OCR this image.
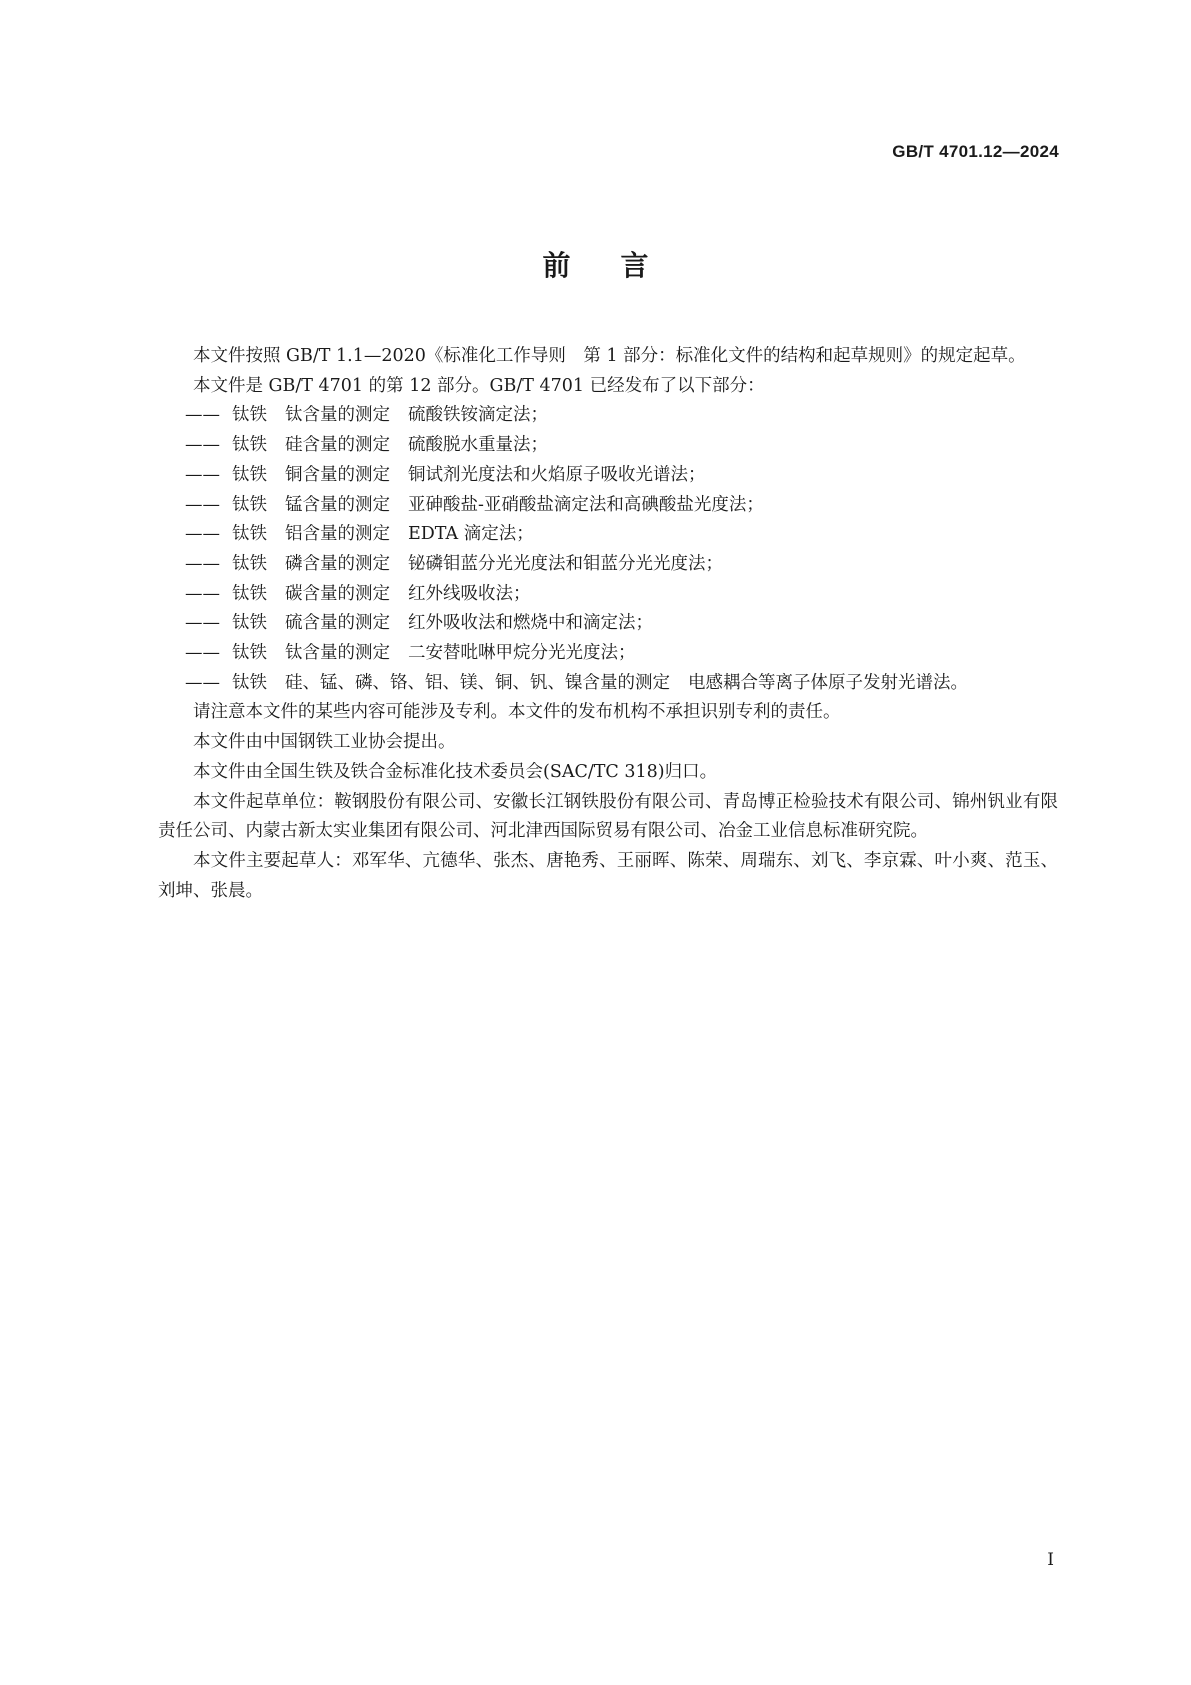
GB/T 4701.12—2024
前言

本文件按照 GB/T 1.1—2020《标准化工作导则　第 1 部分：标准化文件的结构和起草规则》的规定起草。

本文件是 GB/T 4701 的第 12 部分。GB/T 4701 已经发布了以下部分：

—— 钛铁 钛含量的测定 硫酸铁铵滴定法；

—— 钛铁 硅含量的测定 硫酸脱水重量法；

—— 钛铁 铜含量的测定 铜试剂光度法和火焰原子吸收光谱法；

—— 钛铁 锰含量的测定 亚砷酸盐-亚硝酸盐滴定法和高碘酸盐光度法；

—— 钛铁 铝含量的测定 EDTA 滴定法；

—— 钛铁 磷含量的测定 铋磷钼蓝分光光度法和钼蓝分光光度法；

—— 钛铁 碳含量的测定 红外线吸收法；

—— 钛铁 硫含量的测定 红外吸收法和燃烧中和滴定法；

—— 钛铁 钛含量的测定 二安替吡啉甲烷分光光度法；

—— 钛铁 硅、锰、磷、铬、铝、镁、铜、钒、镍含量的测定 电感耦合等离子体原子发射光谱法。

请注意本文件的某些内容可能涉及专利。本文件的发布机构不承担识别专利的责任。

本文件由中国钢铁工业协会提出。

本文件由全国生铁及铁合金标准化技术委员会(SAC/TC 318)归口。

本文件起草单位：鞍钢股份有限公司、安徽长江钢铁股份有限公司、青岛博正检验技术有限公司、锦州钒业有限责任公司、内蒙古新太实业集团有限公司、河北津西国际贸易有限公司、冶金工业信息标准研究院。

本文件主要起草人：邓军华、亢德华、张杰、唐艳秀、王丽晖、陈荣、周瑞东、刘飞、李京霖、叶小爽、范玉、刘坤、张晨。

I
